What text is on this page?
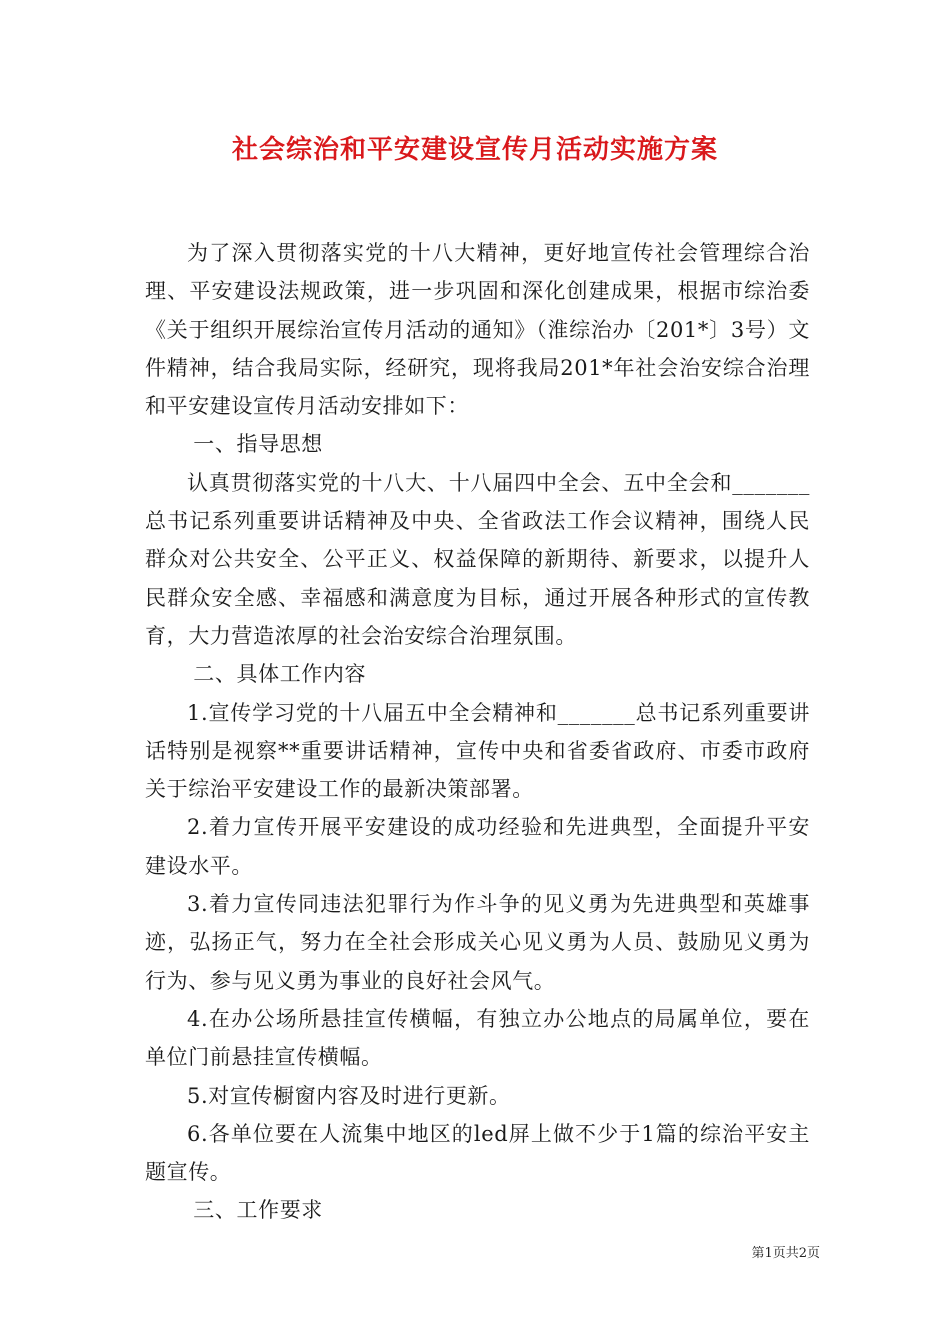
社会综治和平安建设宣传月活动实施方案

为了深入贯彻落实党的十八大精神，更好地宣传社会管理综合治理、平安建设法规政策，进一步巩固和深化创建成果，根据市综治委《关于组织开展综治宣传月活动的通知》（淮综治办〔201*〕3号）文件精神，结合我局实际，经研究，现将我局201*年社会治安综合治理和平安建设宣传月活动安排如下：

一、指导思想

认真贯彻落实党的十八大、十八届四中全会、五中全会和_______总书记系列重要讲话精神及中央、全省政法工作会议精神，围绕人民群众对公共安全、公平正义、权益保障的新期待、新要求，以提升人民群众安全感、幸福感和满意度为目标，通过开展各种形式的宣传教育，大力营造浓厚的社会治安综合治理氛围。

二、具体工作内容

1.宣传学习党的十八届五中全会精神和_______总书记系列重要讲话特别是视察**重要讲话精神，宣传中央和省委省政府、市委市政府关于综治平安建设工作的最新决策部署。

2.着力宣传开展平安建设的成功经验和先进典型，全面提升平安建设水平。

3.着力宣传同违法犯罪行为作斗争的见义勇为先进典型和英雄事迹，弘扬正气，努力在全社会形成关心见义勇为人员、鼓励见义勇为行为、参与见义勇为事业的良好社会风气。

4.在办公场所悬挂宣传横幅，有独立办公地点的局属单位，要在单位门前悬挂宣传横幅。

5.对宣传橱窗内容及时进行更新。

6.各单位要在人流集中地区的led屏上做不少于1篇的综治平安主题宣传。

三、工作要求

第1页共2页
